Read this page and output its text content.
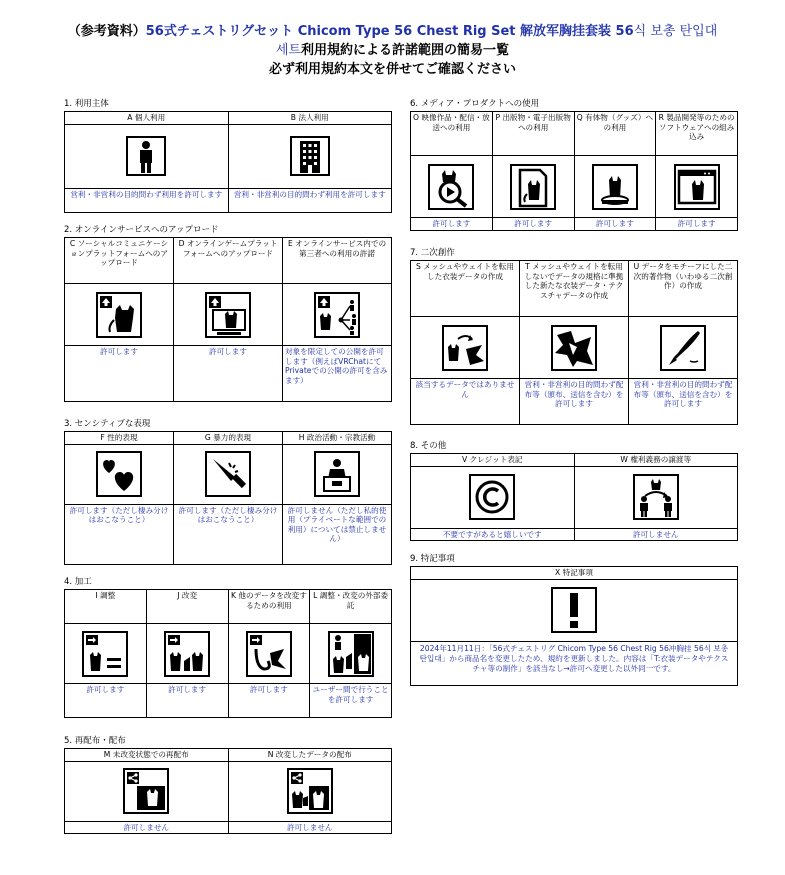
（参考資料）56式チェストリグセット Chicom Type 56 Chest Rig Set 解放军胸挂套装 56식 보총 탄입대
세트利用規約による許諾範囲の簡易一覧
必ず利用規約本文を併せてご確認ください
1. 利用主体
A 個人利用	B 法人利用

営利・非営利の目的問わず利用を許可します	営利・非営利の目的問わず利用を許可します
2. オンラインサービスへのアップロード
C ソーシャルコミュニケーションプラットフォームへのアップロード	D オンラインゲームプラットフォームへのアップロード	E オンラインサービス内での第三者への利用の許諾

許可します	許可します	対象を限定しての公開を許可します（例えばVRChatにてPrivateでの公開の許可を含みます）
3. センシティブな表現
F 性的表現	G 暴力的表現	H 政治活動・宗教活動

許可します（ただし棲み分けはおこなうこと）	許可します（ただし棲み分けはおこなうこと）	許可しません（ただし私的使用（プライベートな範囲での利用）については禁止しません）
4. 加工
I 調整	J 改変	K 他のデータを改変するための利用	L 調整・改変の外部委託

許可します	許可します	許可します	ユーザー間で行うことを許可します
5. 再配布・配布
M 未改変状態での再配布	N 改変したデータの配布

許可しません	許可しません
6. メディア・プロダクトへの使用
O 映像作品・配信・放送への利用	P 出版物・電子出版物への利用	Q 有体物（グッズ）への利用	R 製品開発等のためのソフトウェアへの組み込み

許可します	許可します	許可します	許可します
7. 二次創作
S メッシュやウェイトを転用した衣装データの作成	T メッシュやウェイトを転用しないでデータの規格に準拠した新たな衣装データ・テクスチャデータの作成	U データをモチーフにした二次的著作物（いわゆる二次創作）の作成

該当するデータではありません	営利・非営利の目的問わず配布等（頒布、送信を含む）を許可します	営利・非営利の目的問わず配布等（頒布、送信を含む）を許可します
8. その他
V クレジット表記	W 権利義務の譲渡等

不要ですがあると嬉しいです	許可しません
9. 特記事項
X 特記事項

2024年11月11日：「56式チェストリグ Chicom Type 56 Chest Rig 56冲胸挂 56식 보총 탄입대」から商品名を変更したため、規約を更新しました。内容は「T:衣装データやテクスチャ等の制作」を該当なし→許可へ変更した以外同一です。
